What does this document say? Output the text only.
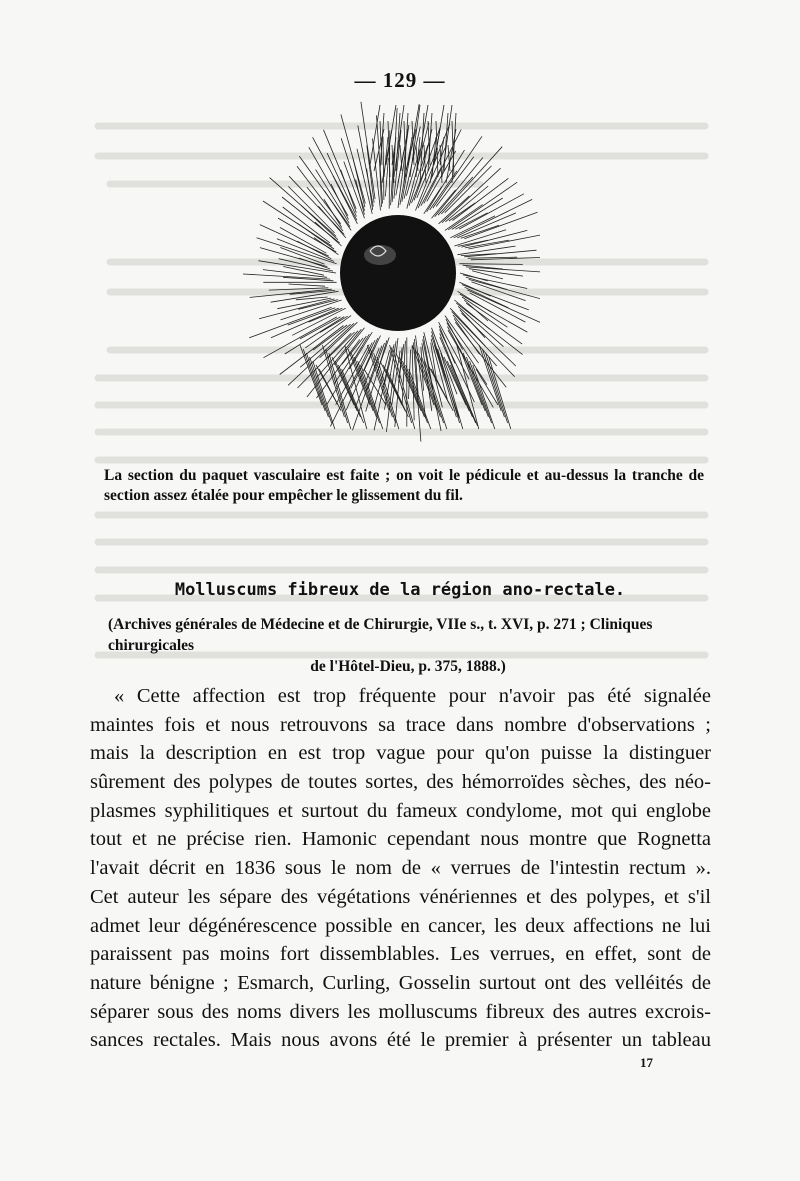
— 129 —
La section du paquet vasculaire est faite ; on voit le pédicule et au-dessus la tranche de section assez étalée pour empêcher le glissement du fil.
Molluscums fibreux de la région ano-rectale.
(Archives générales de Médecine et de Chirurgie, VIIe s., t. XVI, p. 271 ; Cliniques chirurgicales
de l'Hôtel-Dieu, p. 375, 1888.)
« Cette affection est trop fréquente pour n'avoir pas été signalée
maintes fois et nous retrouvons sa trace dans nombre d'observations ;
mais la description en est trop vague pour qu'on puisse la distinguer
sûrement des polypes de toutes sortes, des hémorroïdes sèches, des néo-
plasmes syphilitiques et surtout du fameux condylome, mot qui englobe
tout et ne précise rien. Hamonic cependant nous montre que Rognetta
l'avait décrit en 1836 sous le nom de « verrues de l'intestin rectum ».
Cet auteur les sépare des végétations vénériennes et des polypes, et s'il
admet leur dégénérescence possible en cancer, les deux affections ne lui
paraissent pas moins fort dissemblables. Les verrues, en effet, sont de
nature bénigne ; Esmarch, Curling, Gosselin surtout ont des velléités de
séparer sous des noms divers les molluscums fibreux des autres excrois-
sances rectales. Mais nous avons été le premier à présenter un tableau
17
